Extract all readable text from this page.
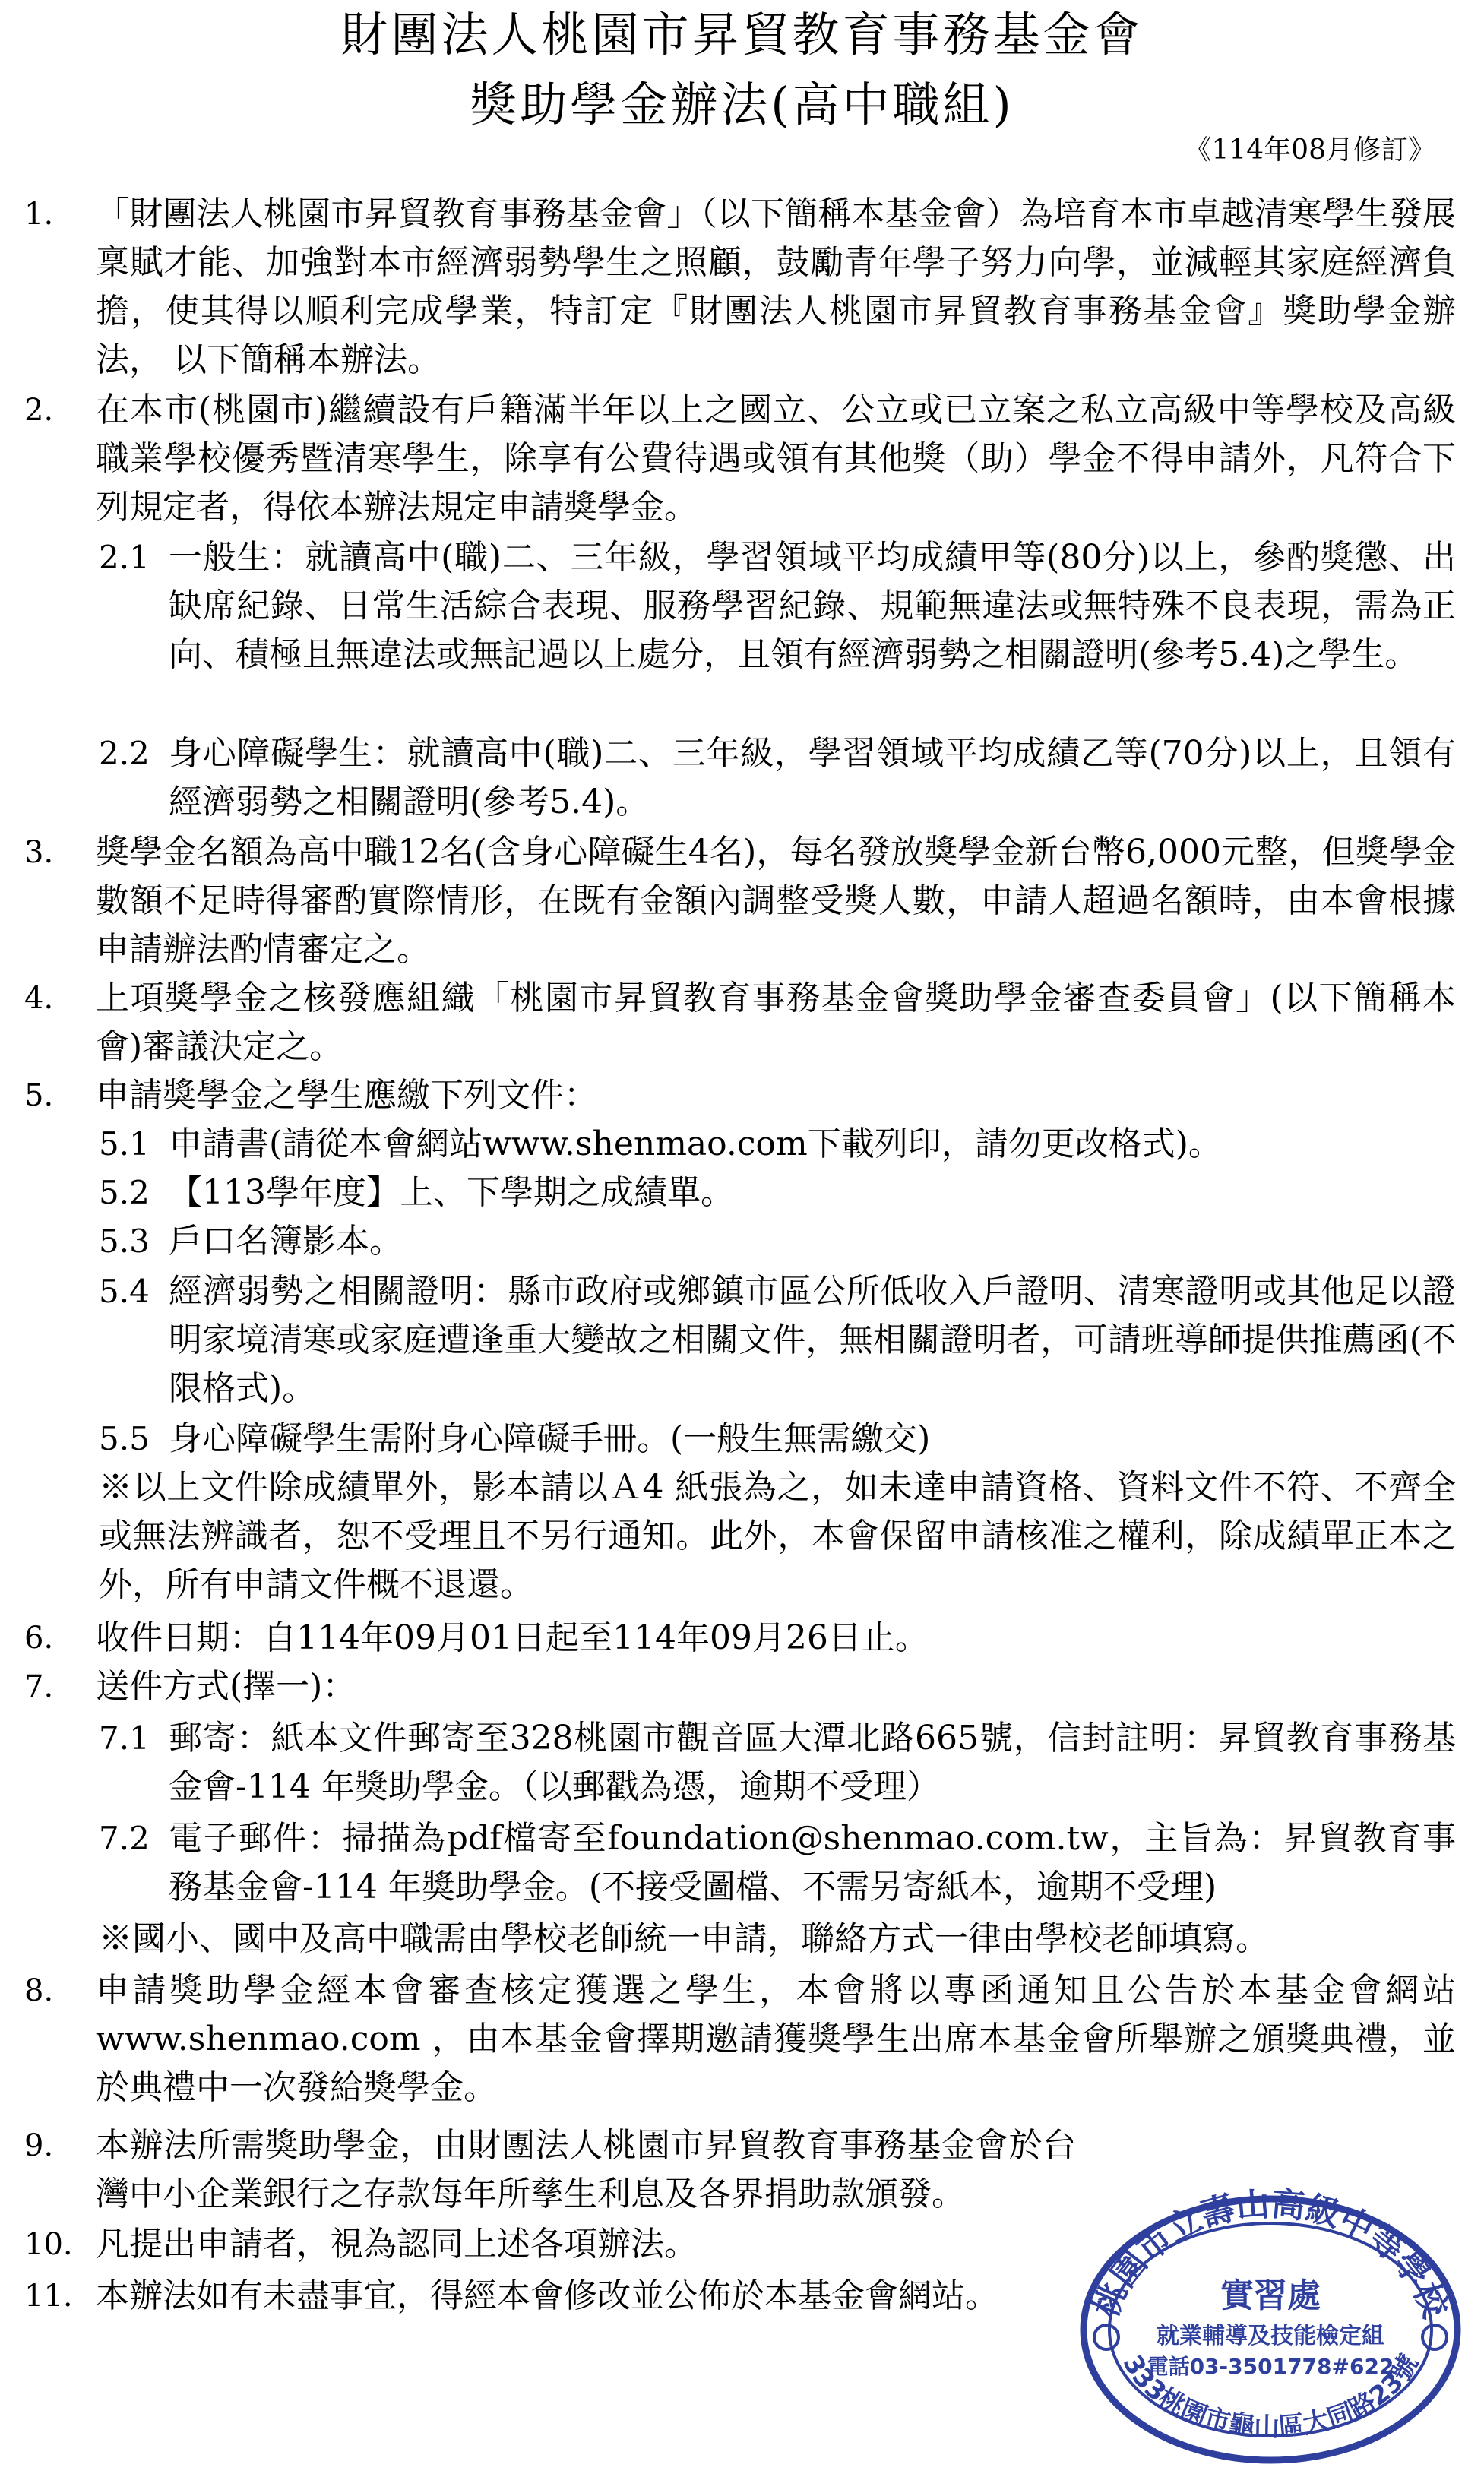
財團法人桃園市昇貿教育事務基金會
獎助學金辦法(高中職組)
《114年08月修訂》
1. 「財團法人桃園市昇貿教育事務基金會」（以下簡稱本基金會）為培育本市卓越清寒學生發展稟賦才能、加強對本市經濟弱勢學生之照顧，鼓勵青年學子努力向學，並減輕其家庭經濟負 擔，使其得以順利完成學業，特訂定『財團法人桃園市昇貿教育事務基金會』獎助學金辦法， 以下簡稱本辦法。
2. 在本市(桃園市)繼續設有戶籍滿半年以上之國立、公立或已立案之私立高級中等學校及高級職業學校優秀暨清寒學生，除享有公費待遇或領有其他獎（助）學金不得申請外，凡符合下列規定者，得依本辦法規定申請獎學金。
2.1 一般生：就讀高中(職)二、三年級，學習領域平均成績甲等(80分)以上，參酌獎懲、出缺席紀錄、日常生活綜合表現、服務學習紀錄、規範無違法或無特殊不良表現，需為正向、積極且無違法或無記過以上處分，且領有經濟弱勢之相關證明(參考5.4)之學生。
2.2 身心障礙學生：就讀高中(職)二、三年級，學習領域平均成績乙等(70分)以上，且領有經濟弱勢之相關證明(參考5.4)。
3. 獎學金名額為高中職12名(含身心障礙生4名)，每名發放獎學金新台幣6,000元整，但獎學金數額不足時得審酌實際情形，在既有金額內調整受獎人數，申請人超過名額時，由本會根據申請辦法酌情審定之。
4. 上項獎學金之核發應組織「桃園市昇貿教育事務基金會獎助學金審查委員會」(以下簡稱本會)審議決定之。
5. 申請獎學金之學生應繳下列文件：
5.1 申請書(請從本會網站www.shenmao.com下載列印，請勿更改格式)。
5.2 【113學年度】上、下學期之成績單。
5.3 戶口名簿影本。
5.4 經濟弱勢之相關證明：縣市政府或鄉鎮市區公所低收入戶證明、清寒證明或其他足以證明家境清寒或家庭遭逢重大變故之相關文件，無相關證明者，可請班導師提供推薦函(不限格式)。
5.5 身心障礙學生需附身心障礙手冊。(一般生無需繳交)
※以上文件除成績單外，影本請以Ａ4 紙張為之，如未達申請資格、資料文件不符、不齊全或無法辨識者，恕不受理且不另行通知。此外，本會保留申請核准之權利，除成績單正本之外，所有申請文件概不退還。
6. 收件日期：自114年09月01日起至114年09月26日止。
7. 送件方式(擇一)：
7.1 郵寄：紙本文件郵寄至328桃園市觀音區大潭北路665號，信封註明：昇貿教育事務基金會-114 年獎助學金。（以郵戳為憑，逾期不受理）
7.2 電子郵件：掃描為pdf檔寄至foundation@shenmao.com.tw，主旨為：昇貿教育事務基金會-114 年獎助學金。(不接受圖檔、不需另寄紙本，逾期不受理)
※國小、國中及高中職需由學校老師統一申請，聯絡方式一律由學校老師填寫。
8. 申請獎助學金經本會審查核定獲選之學生，本會將以專函通知且公告於本基金會網站www.shenmao.com ，由本基金會擇期邀請獲獎學生出席本基金會所舉辦之頒獎典禮，並於典禮中一次發給獎學金。
9. 本辦法所需獎助學金，由財團法人桃園市昇貿教育事務基金會於台灣中小企業銀行之存款每年所孳生利息及各界捐助款頒發。
10. 凡提出申請者，視為認同上述各項辦法。
11. 本辦法如有未盡事宜，得經本會修改並公佈於本基金會網站。	桃園市立壽山高級中等學校
333桃園市龜山區大同路23號
實習處
就業輔導及技能檢定組
電話03-3501778#622
